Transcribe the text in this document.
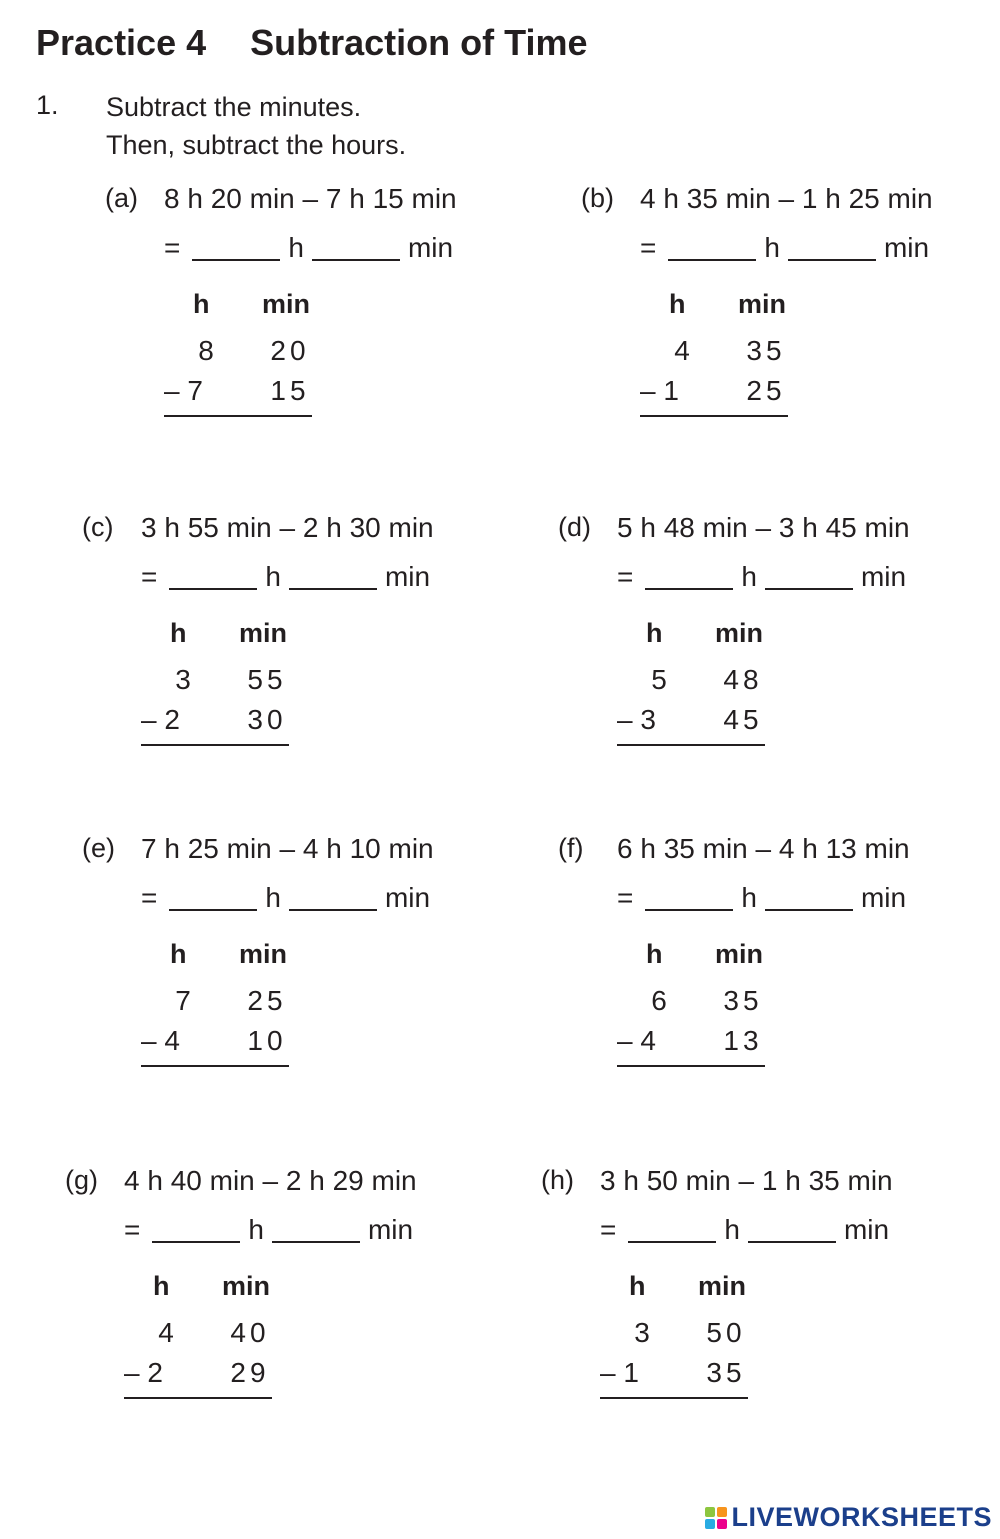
Practice 4 Subtraction of Time
1. Subtract the minutes.
Then, subtract the hours.
(a) 8 h 20 min – 7 h 15 min
=	h	min
h min
8 20
– 7 15
(b) 4 h 35 min – 1 h 25 min
=	h	min
h min
4 35
– 1 25
(c) 3 h 55 min – 2 h 30 min
=	h	min
h min
3 55
– 2 30
(d) 5 h 48 min – 3 h 45 min
=	h	min
h min
5 48
– 3 45
(e) 7 h 25 min – 4 h 10 min
=	h	min
h min
7 25
– 4 10
(f) 6 h 35 min – 4 h 13 min
=	h	min
h min
6 35
– 4 13
(g) 4 h 40 min – 2 h 29 min
=	h	min
h min
4 40
– 2 29
(h) 3 h 50 min – 1 h 35 min
=	h	min
h min
3 50
– 1 35
LIVEWORKSHEETS
